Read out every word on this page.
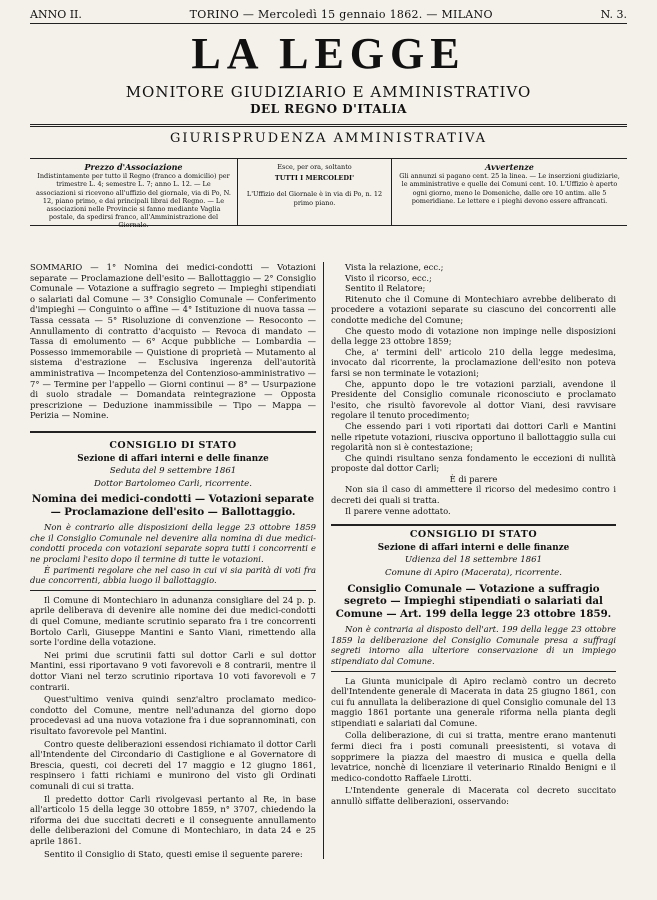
ANNO II.	TORINO — Mercoledì 15 gennaio 1862. — MILANO	N. 3.
LA LEGGE
MONITORE GIUDIZIARIO E AMMINISTRATIVO
DEL REGNO D'ITALIA
GIURISPRUDENZA AMMINISTRATIVA
Prezzo d'Associazione
Indistintamente per tutto il Regno (franco a domicilio) per trimestre L. 4; semestre L. 7; anno L. 12. — Le associazioni si ricevono all'uffizio del giornale, via di Po, N. 12, piano primo, e dai principali librai del Regno. — Le associazioni nelle Provincie si fanno mediante Vaglia postale, da spedirsi franco, all'Amministrazione del Giornale.
Esce, per ora, soltanto
TUTTI I MERCOLEDI'
L'Uffizio del Giornale è in via di Po, n. 12 primo piano.
Avvertenze
Gli annunzi si pagano cent. 25 la linea. — Le inserzioni giudiziarie, le amministrative e quelle dei Comuni cent. 10. L'Uffizio è aperto ogni giorno, meno le Domeniche, dalle ore 10 antim. alle 5 pomeridiane. Le lettere e i pieghi devono essere affrancati.
SOMMARIO — 1° Nomina dei medici-condotti — Votazioni separate — Proclamazione dell'esito — Ballottaggio — 2° Consiglio Comunale — Votazione a suffragio segreto — Impieghi stipendiati o salariati dal Comune — 3° Consiglio Comunale — Conferimento d'impieghi — Conguinto o affine — 4° Istituzione di nuova tassa — Tassa cessata — 5° Risoluzione di convenzione — Resoconto — Annullamento di contratto d'acquisto — Revoca di mandato — Tassa di emolumento — 6° Acque pubbliche — Lombardia — Possesso immemorabile — Quistione di proprietà — Mutamento al sistema d'estrazione — Esclusiva ingerenza dell'autorità amministrativa — Incompetenza del Contenzioso-amministrativo — 7° — Termine per l'appello — Giorni continui — 8° — Usurpazione di suolo stradale — Domandata reintegrazione — Opposta prescrizione — Deduzione inammissibile — Tipo — Mappa — Perizia — Nomine.
CONSIGLIO DI STATO
Sezione di affari interni e delle finanze
Seduta del 9 settembre 1861
Dottor Bartolomeo Carli, ricorrente.
Nomina dei medici-condotti — Votazioni separate — Proclamazione dell'esito — Ballottaggio.

Non è contrario alle disposizioni della legge 23 ottobre 1859 che il Consiglio Comunale nel devenire alla nomina di due medici-condotti proceda con votazioni separate sopra tutti i concorrenti e ne proclami l'esito dopo il termine di tutte le votazioni.

È parimenti regolare che nel caso in cui vi sia parità di voti fra due concorrenti, abbia luogo il ballottaggio.

Il Comune di Montechiaro in adunanza consigliare del 24 p. p. aprile deliberava di devenire alle nomine dei due medici-condotti di quel Comune, mediante scrutinio separato fra i tre concorrenti Bortolo Carli, Giuseppe Mantini e Santo Viani, rimettendo alla sorte l'ordine della votazione.

Nei primi due scrutinii fatti sul dottor Carli e sul dottor Mantini, essi riportavano 9 voti favorevoli e 8 contrarii, mentre il dottor Viani nel terzo scrutinio riportava 10 voti favorevoli e 7 contrarii.

Quest'ultimo veniva quindi senz'altro proclamato medico-condotto del Comune, mentre nell'adunanza del giorno dopo procedevasi ad una nuova votazione fra i due soprannominati, con risultato favorevole pel Mantini.

Contro queste deliberazioni essendosi richiamato il dottor Carli all'Intendente del Circondario di Castiglione e al Governatore di Brescia, questi, coi decreti del 17 maggio e 12 giugno 1861, respinsero i fatti richiami e munirono del visto gli Ordinati comunali di cui si tratta.

Il predetto dottor Carli rivolgevasi pertanto al Re, in base all'articolo 15 della legge 30 ottobre 1859, n° 3707, chiedendo la riforma dei due succitati decreti e il conseguente annullamento delle deliberazioni del Comune di Montechiaro, in data 24 e 25 aprile 1861.

Sentito il Consiglio di Stato, questi emise il seguente parere:

Vista la relazione, ecc.;

Visto il ricorso, ecc.;

Sentito il Relatore;

Ritenuto che il Comune di Montechiaro avrebbe deliberato di procedere a votazioni separate su ciascuno dei concorrenti alle condotte mediche del Comune;

Che questo modo di votazione non impinge nelle disposizioni della legge 23 ottobre 1859;

Che, a' termini dell' articolo 210 della legge medesima, invocato dal ricorrente, la proclamazione dell'esito non poteva farsi se non terminate le votazioni;

Che, appunto dopo le tre votazioni parziali, avendone il Presidente del Consiglio comunale riconosciuto e proclamato l'esito, che risultò favorevole al dottor Viani, desi ravvisare regolare il tenuto procedimento;

Che essendo pari i voti riportati dai dottori Carli e Mantini nelle ripetute votazioni, riusciva opportuno il ballottaggio sulla cui regolarità non si è contestazione;

Che quindi risultano senza fondamento le eccezioni di nullità proposte dal dottor Carli;

È di parere

Non sia il caso di ammettere il ricorso del medesimo contro i decreti dei quali si tratta.

Il parere venne adottato.

CONSIGLIO DI STATO
Sezione di affari interni e delle finanze
Udienza del 18 settembre 1861
Comune di Apiro (Macerata), ricorrente.
Consiglio Comunale — Votazione a suffragio segreto — Impieghi stipendiati o salariati dal Comune — Art. 199 della legge 23 ottobre 1859.

Non è contraria al disposto dell'art. 199 della legge 23 ottobre 1859 la deliberazione del Consiglio Comunale presa a suffragi segreti intorno alla ulteriore conservazione di un impiego stipendiato dal Comune.

La Giunta municipale di Apiro reclamò contro un decreto dell'Intendente generale di Macerata in data 25 giugno 1861, con cui fu annullata la deliberazione di quel Consiglio comunale del 13 maggio 1861 portante una generale riforma nella pianta degli stipendiati e salariati dal Comune.

Colla deliberazione, di cui si tratta, mentre erano mantenuti fermi dieci fra i posti comunali preesistenti, si votava di sopprimere la piazza del maestro di musica e quella della levatrice, nonchè di licenziare il veterinario Rinaldo Benigni e il medico-condotto Raffaele Lirotti.

L'Intendente generale di Macerata col decreto succitato annullò siffatte deliberazioni, osservando:
